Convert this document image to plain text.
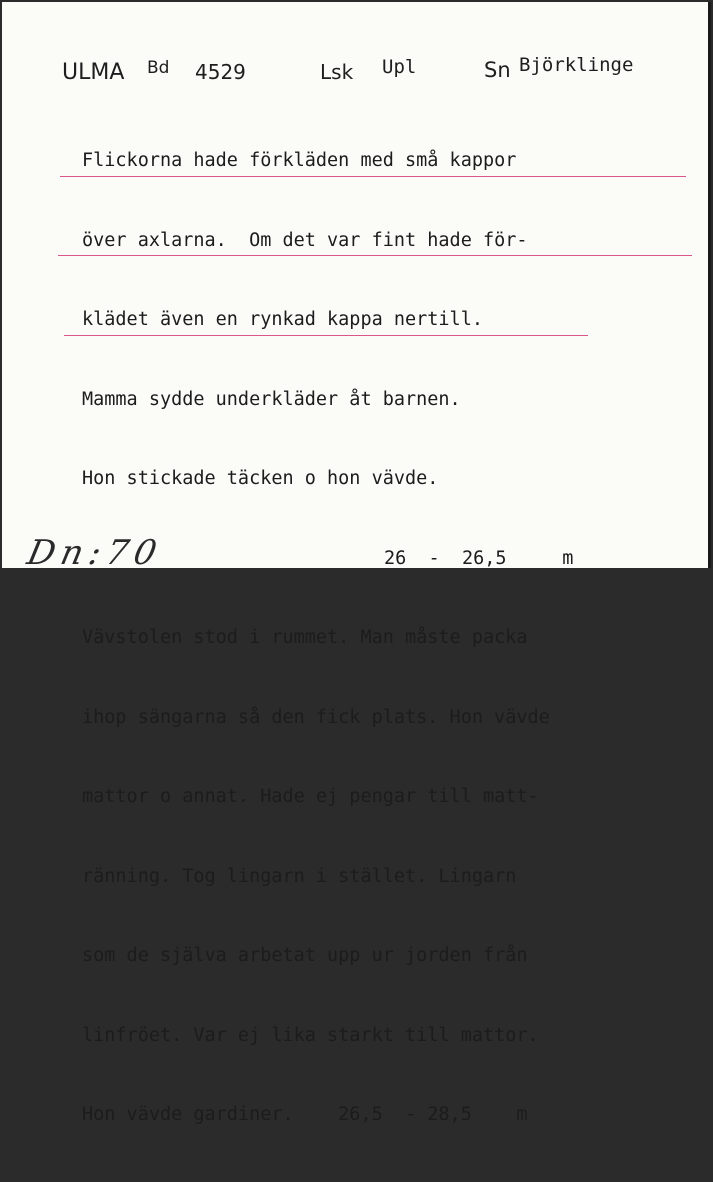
ULMA Bd 4529	Lsk Upl	Sn Björklinge

Flickorna hade förkläden med små kappor

över axlarna.  Om det var fint hade för-

klädet även en rynkad kappa nertill.

Mamma sydde underkläder åt barnen.

Hon stickade täcken o hon vävde.

26  -  26,5     m

Vävstolen stod i rummet. Man måste packa

ihop sängarna så den fick plats. Hon vävde

mattor o annat. Hade ej pengar till matt-

ränning. Tog lingarn i stället. Lingarn

som de själva arbetat upp ur jorden från

linfröet. Var ej lika starkt till mattor.

Hon vävde gardiner.    26,5  - 28,5    m

Dn:70
